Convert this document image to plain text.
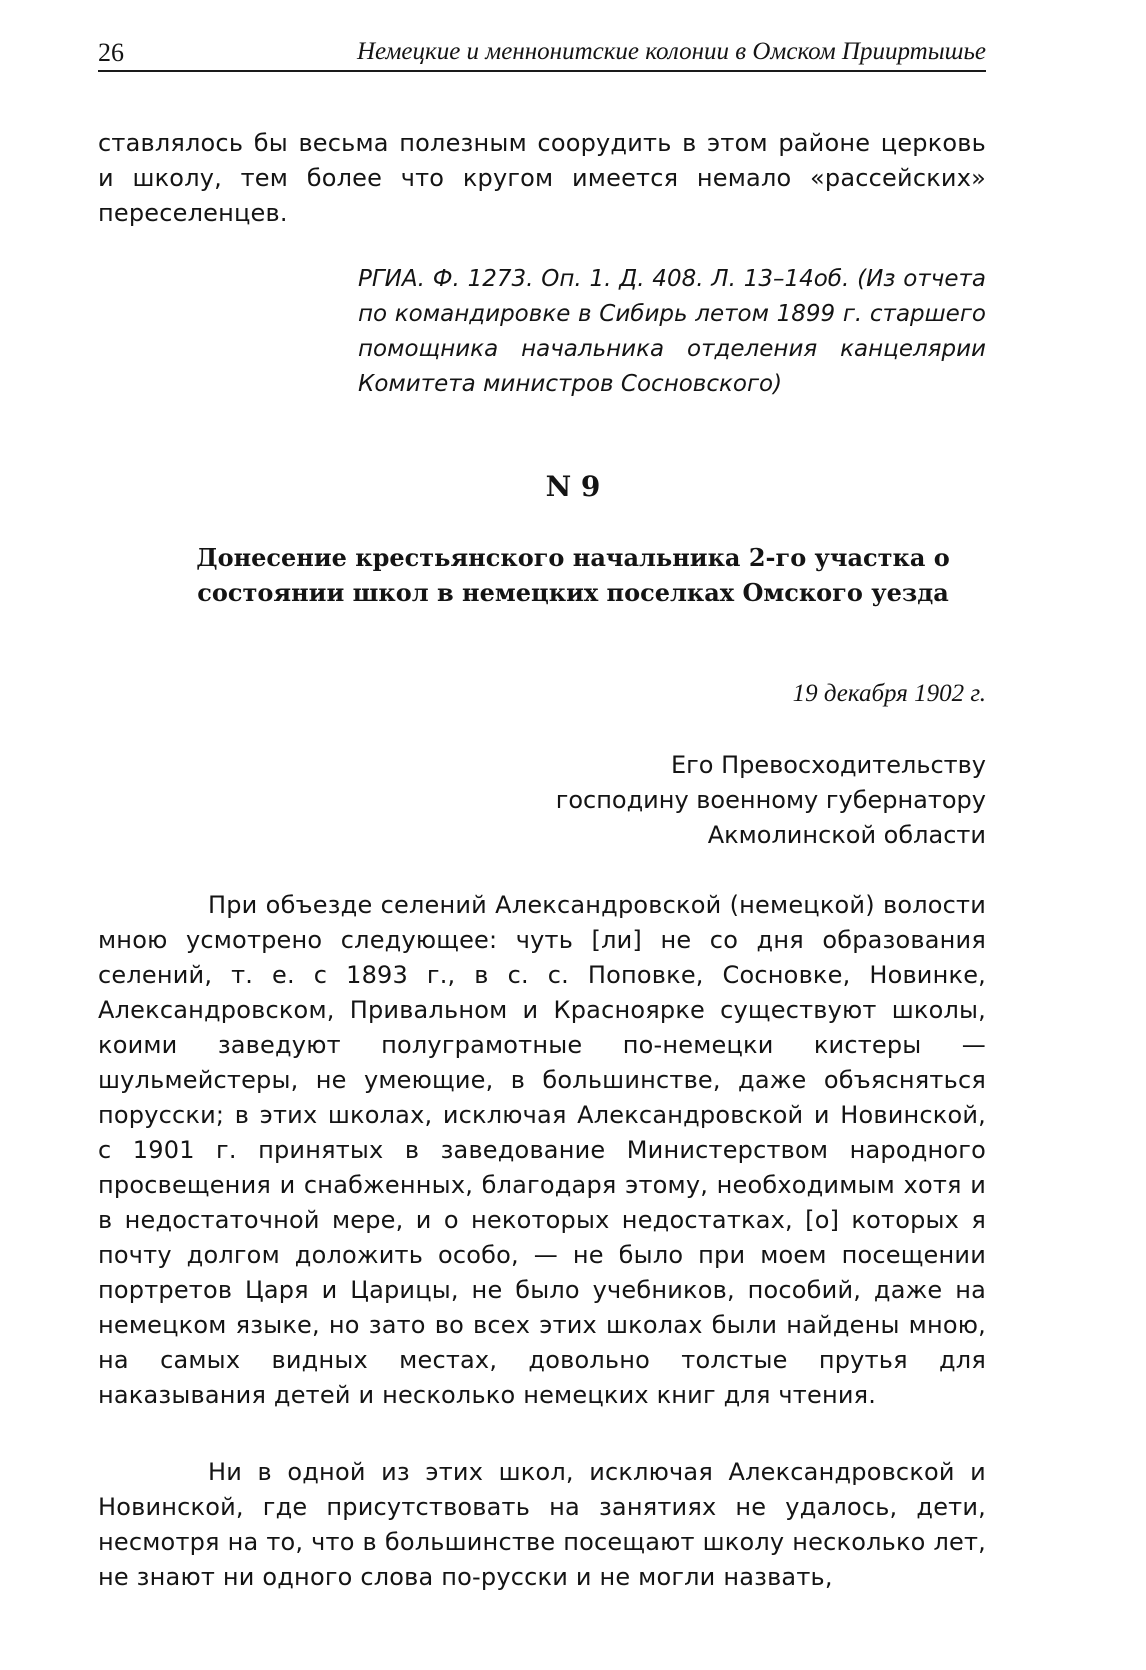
26	Немецкие и меннонитские колонии в Омском Прииртышье
ставлялось бы весьма полезным соорудить в этом районе церковь и школу, тем более что кругом имеется немало «рассейских» переселенцев.
РГИА. Ф. 1273. Оп. 1. Д. 408. Л. 13–14об. (Из отчета по командировке в Сибирь летом 1899 г. старшего помощника начальника отделения канцелярии Комитета министров Сосновского)
N 9
Донесение крестьянского начальника 2-го участка о состоянии школ в немецких поселках Омского уезда
19 декабря 1902 г.
Его Превосходительству
господину военному губернатору
Акмолинской области
При объезде селений Александровской (немецкой) волости мною усмотрено следующее: чуть [ли] не со дня образования селений, т. е. с 1893 г., в с. с. Поповке, Сосновке, Новинке, Александровском, Привальном и Красноярке существуют школы, коими заведуют полуграмотные по-немецки кистеры — шульмейстеры, не умеющие, в большинстве, даже объясняться порусски; в этих школах, исключая Александровской и Новинской, с 1901 г. принятых в заведование Министерством народного просвещения и снабженных, благодаря этому, необходимым хотя и в недостаточной мере, и о некоторых недостатках, [о] которых я почту долгом доложить особо, — не было при моем посещении портретов Царя и Царицы, не было учебников, пособий, даже на немецком языке, но зато во всех этих школах были найдены мною, на самых видных местах, довольно толстые прутья для наказывания детей и несколько немецких книг для чтения.
Ни в одной из этих школ, исключая Александровской и Новинской, где присутствовать на занятиях не удалось, дети, несмотря на то, что в большинстве посещают школу несколько лет, не знают ни одного слова по-русски и не могли назвать,
